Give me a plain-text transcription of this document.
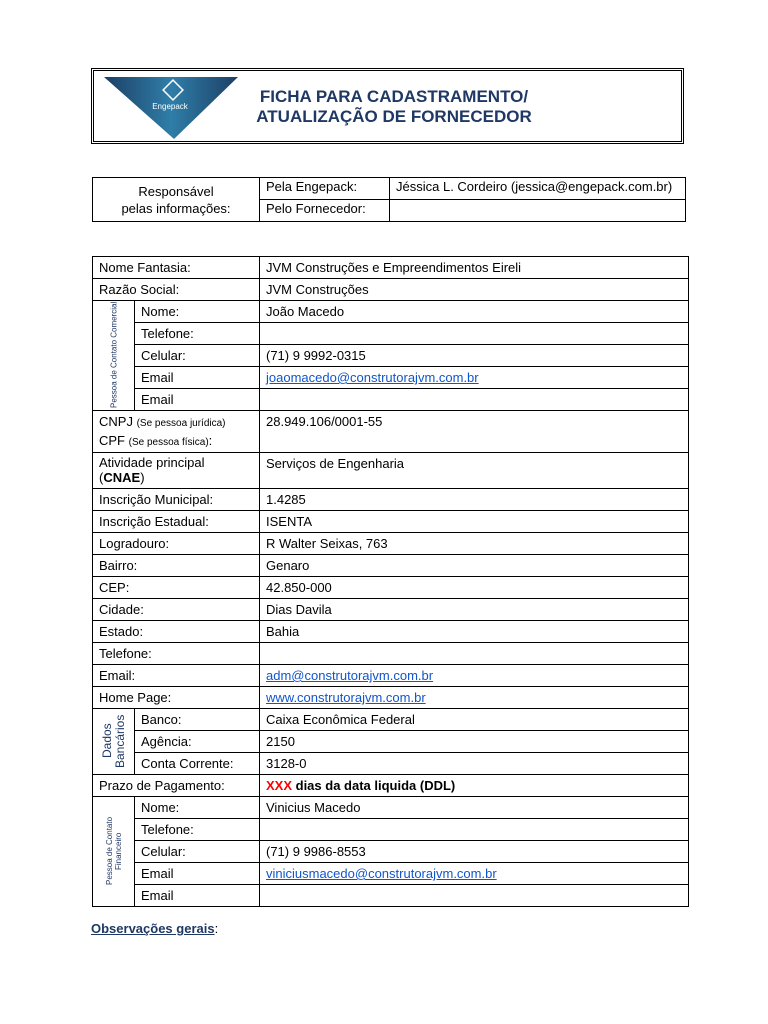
Engepack
FICHA PARA CADASTRAMENTO/
ATUALIZAÇÃO DE FORNECEDOR
Responsável
pelas informações:	Pela Engepack:	Jéssica L. Cordeiro (jessica@engepack.com.br)
	Pelo Fornecedor:	
Nome Fantasia:		JVM Construções e Empreendimentos Eireli
Razão Social:		JVM Construções
Pessoa de Contato Comercial	Nome:	João Macedo
	Telefone:	
	Celular:	(71) 9 9992-0315
	Email	joaomacedo@construtorajvm.com.br
	Email	

CNPJ (Se pessoa jurídica)
CPF (Se pessoa física):		28.949.106/0001-55

Atividade principal
(CNAE)		Serviços de Engenharia
Inscrição Municipal:		1.4285
Inscrição Estadual:		ISENTA
Logradouro:		R Walter Seixas, 763
Bairro:		Genaro
CEP:		42.850-000
Cidade:		Dias Davila
Estado:		Bahia
Telefone:		
Email:		adm@construtorajvm.com.br
Home Page:		www.construtorajvm.com.br
Dados Bancários	Banco:	Caixa Econômica Federal
	Agência:	2150
	Conta Corrente:	3128-0
Prazo de Pagamento:		XXX dias da data liquida (DDL)
Pessoa de Contato Financeiro	Nome:	Vinicius Macedo
	Telefone:	
	Celular:	(71) 9 9986-8553
	Email	viniciusmacedo@construtorajvm.com.br
	Email	
Observações gerais:
